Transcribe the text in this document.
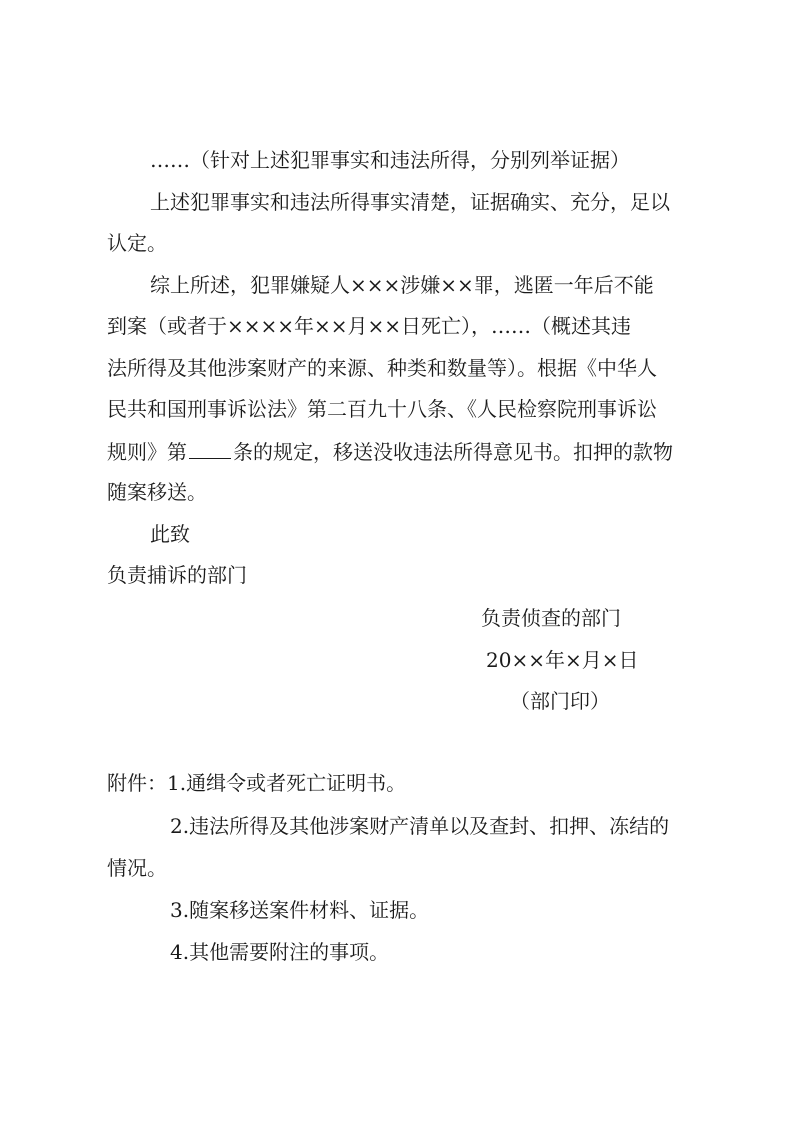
……（针对上述犯罪事实和违法所得，分别列举证据）
上述犯罪事实和违法所得事实清楚，证据确实、充分，足以
认定。
综上所述，犯罪嫌疑人×××涉嫌××罪，逃匿一年后不能
到案（或者于××××年××月××日死亡），……（概述其违
法所得及其他涉案财产的来源、种类和数量等）。根据《中华人
民共和国刑事诉讼法》第二百九十八条、《人民检察院刑事诉讼
规则》第 条的规定，移送没收违法所得意见书。扣押的款物
随案移送。
此致
负责捕诉的部门
负责侦查的部门
20××年×月×日
（部门印）
附件：1.通缉令或者死亡证明书。
2.违法所得及其他涉案财产清单以及查封、扣押、冻结的
情况。
3.随案移送案件材料、证据。
4.其他需要附注的事项。
